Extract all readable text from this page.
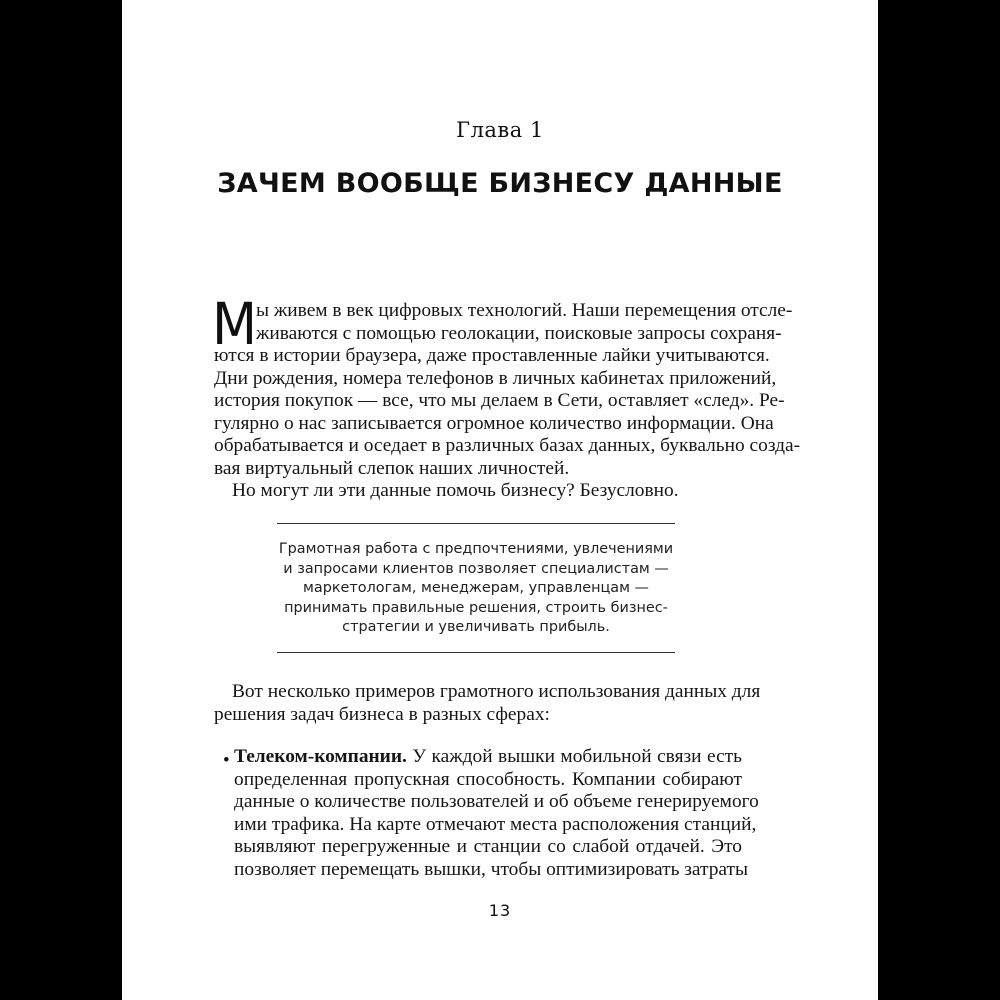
Глава 1
ЗАЧЕМ ВООБЩЕ БИЗНЕСУ ДАННЫЕ
М ы живем в век цифровых технологий. Наши перемещения отсле-
живаются с помощью геолокации, поисковые запросы сохраня-
ются в истории браузера, даже проставленные лайки учитываются.
Дни рождения, номера телефонов в личных кабинетах приложений,
история покупок — все, что мы делаем в Сети, оставляет «след». Ре-
гулярно о нас записывается огромное количество информации. Она
обрабатывается и оседает в различных базах данных, буквально созда-
вая виртуальный слепок наших личностей.
Но могут ли эти данные помочь бизнесу? Безусловно.
Грамотная работа с предпочтениями, увлечениями
и запросами клиентов позволяет специалистам —
маркетологам, менеджерам, управленцам —
принимать правильные решения, строить бизнес-
стратегии и увеличивать прибыль.
Вот несколько примеров грамотного использования данных для
решения задач бизнеса в разных сферах:
• Телеком-компании. У каждой вышки мобильной связи есть
определенная пропускная способность. Компании собирают
данные о количестве пользователей и об объеме генерируемого
ими трафика. На карте отмечают места расположения станций,
выявляют перегруженные и станции со слабой отдачей. Это
позволяет перемещать вышки, чтобы оптимизировать затраты
13
